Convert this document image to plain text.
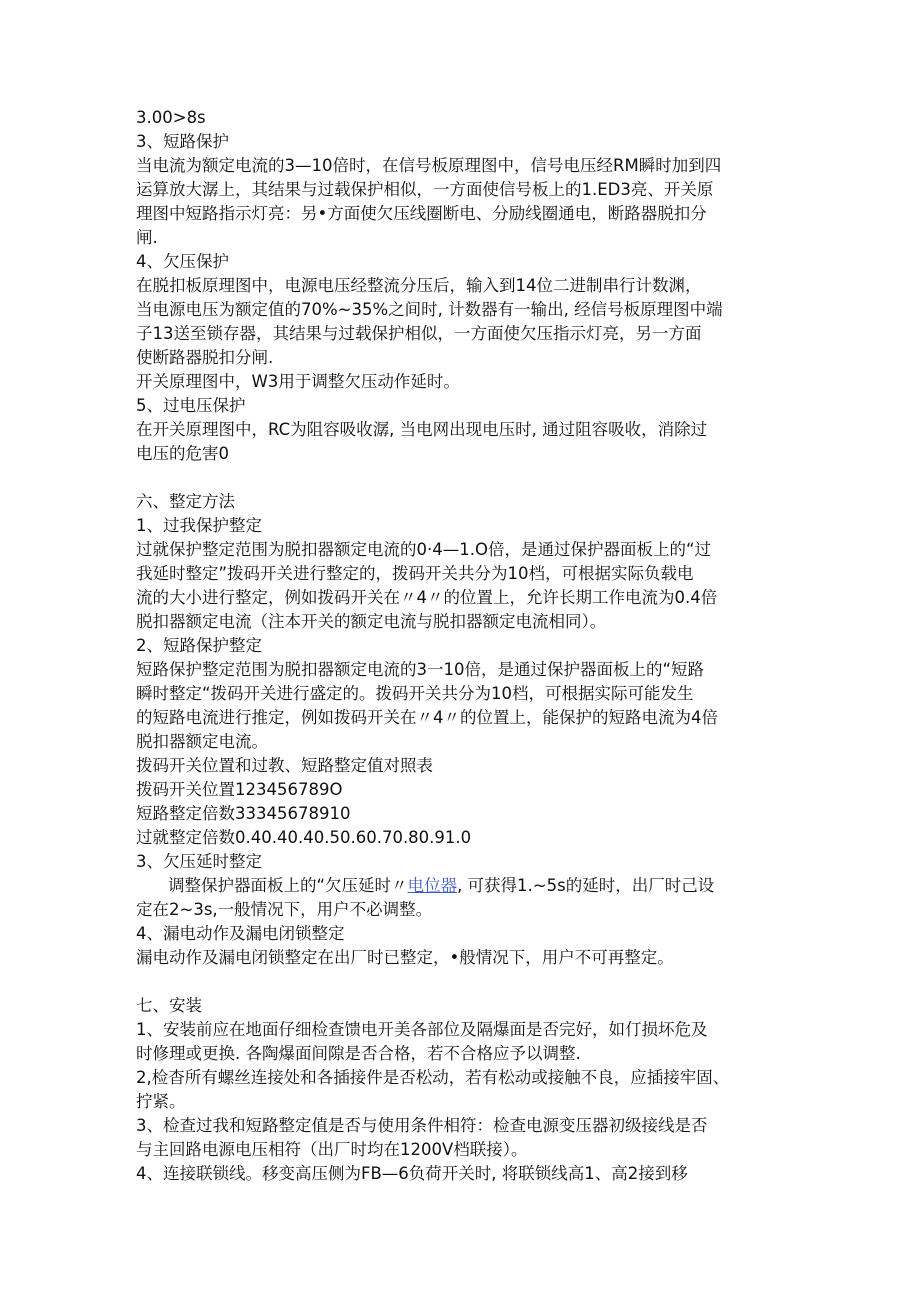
3.00>8s
3、短路保护
当电流为额定电流的3—10倍时，在信号板原理图中，信号电压经RM瞬时加到四
运算放大潺上，其结果与过载保护相似，一方面使信号板上的1.ED3亮、开关原
理图中短路指示灯亮：另•方面使欠压线圈断电、分励线圈通电，断路器脱扣分
闸.
4、欠压保护
在脱扣板原理图中，电源电压经整流分压后，输入到14位二进制串行计数渊，
当电源电压为额定值的70%~35%之间时, 计数器有一输出, 经信号板原理图中端
子13送至锁存器，其结果与过载保护相似，一方面使欠压指示灯亮，另一方面
使断路器脱扣分闸.
开关原理图中，W3用于调整欠压动作延时。
5、过电压保护
在开关原理图中，RC为阻容吸收潺, 当电网出现电压时, 通过阻容吸收，消除过
电压的危害0
六、整定方法
1、过我保护整定
过就保护整定范围为脱扣器额定电流的0·4—1.O倍，是通过保护器面板上的“过
我延时整定”拨码开关进行整定的，拨码开关共分为10档，可根据实际负载电
流的大小进行整定，例如拨码开关在〃4〃的位置上，允许长期工作电流为0.4倍
脱扣器额定电流（注本开关的额定电流与脱扣器额定电流相同）。
2、短路保护整定
短路保护整定范围为脱扣器额定电流的3一10倍，是通过保护器面板上的“短路
瞬时整定“拨码开关进行盛定的。拨码开关共分为10档，可根据实际可能发生
的短路电流进行推定，例如拨码开关在〃4〃的位置上，能保护的短路电流为4倍
脱扣器额定电流。
拨码开关位置和过教、短路整定值对照表
拨码开关位置123456789O
短路整定倍数33345678910
过就整定倍数0.40.40.40.50.60.70.80.91.0
3、欠压延时整定
调整保护器面板上的“欠压延时〃电位器, 可获得1.~5s的延时，出厂时己设
定在2~3s,一般情况下，用户不必调整。
4、漏电动作及漏电闭锁整定
漏电动作及漏电闭锁整定在出厂时已整定，•般情况下，用户不可再整定。
七、安装
1、安装前应在地面仔细检查馈电开美各部位及隔爆面是否完好，如仃损坏危及
时修理或更换. 各陶爆面间隙是否合格，若不合格应予以调整.
2,检杳所有螺丝连接处和各插接件是否松动，若有松动或接触不良，应插接牢固、
拧紧。
3、检查过我和短路整定值是否与使用条件相符：检查电源变压器初级接线是否
与主回路电源电压相符（出厂时均在1200V档联接）。
4、连接联锁线。移变高压侧为FB—6负荷开关时, 将联锁线高1、高2接到移
